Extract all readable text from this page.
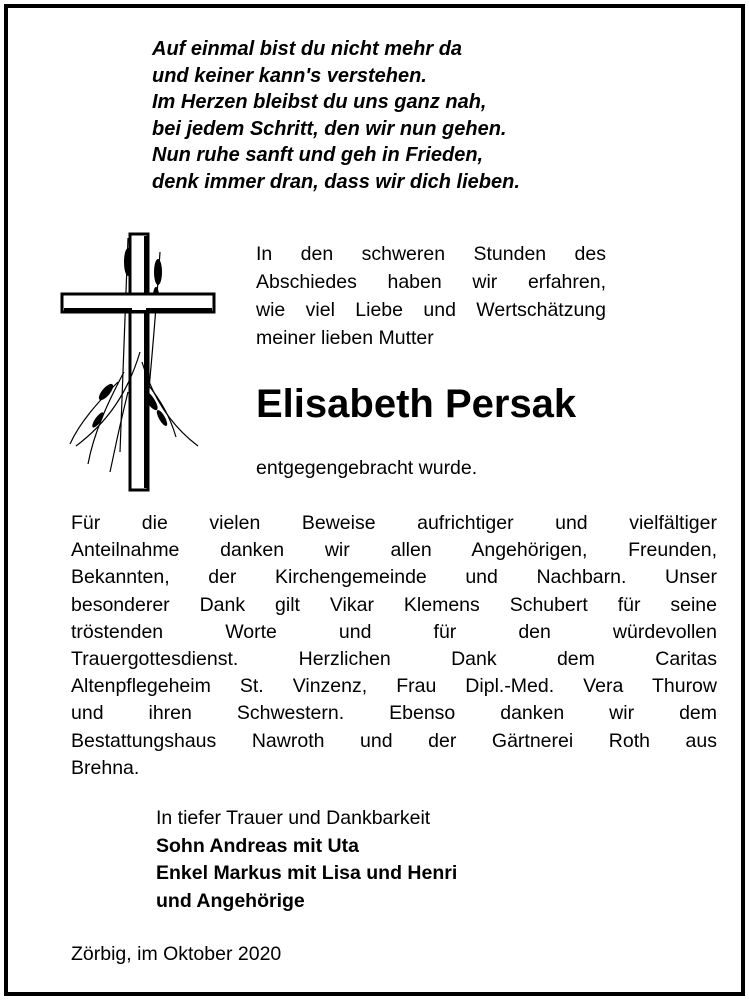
Auf einmal bist du nicht mehr da
und keiner kann's verstehen.
Im Herzen bleibst du uns ganz nah,
bei jedem Schritt, den wir nun gehen.
Nun ruhe sanft und geh in Frieden,
denk immer dran, dass wir dich lieben.
In den schweren Stunden des
Abschiedes haben wir erfahren,
wie viel Liebe und Wertschätzung
meiner lieben Mutter
Elisabeth Persak
entgegengebracht wurde.
Für die vielen Beweise aufrichtiger und vielfältiger
Anteilnahme danken wir allen Angehörigen, Freunden,
Bekannten, der Kirchengemeinde und Nachbarn. Unser
besonderer Dank gilt Vikar Klemens Schubert für seine
tröstenden Worte und für den würdevollen
Trauergottesdienst. Herzlichen Dank dem Caritas
Altenpflegeheim St. Vinzenz, Frau Dipl.-Med. Vera Thurow
und ihren Schwestern. Ebenso danken wir dem
Bestattungshaus Nawroth und der Gärtnerei Roth aus
Brehna.
In tiefer Trauer und Dankbarkeit
Sohn Andreas mit Uta
Enkel Markus mit Lisa und Henri
und Angehörige
Zörbig, im Oktober 2020
